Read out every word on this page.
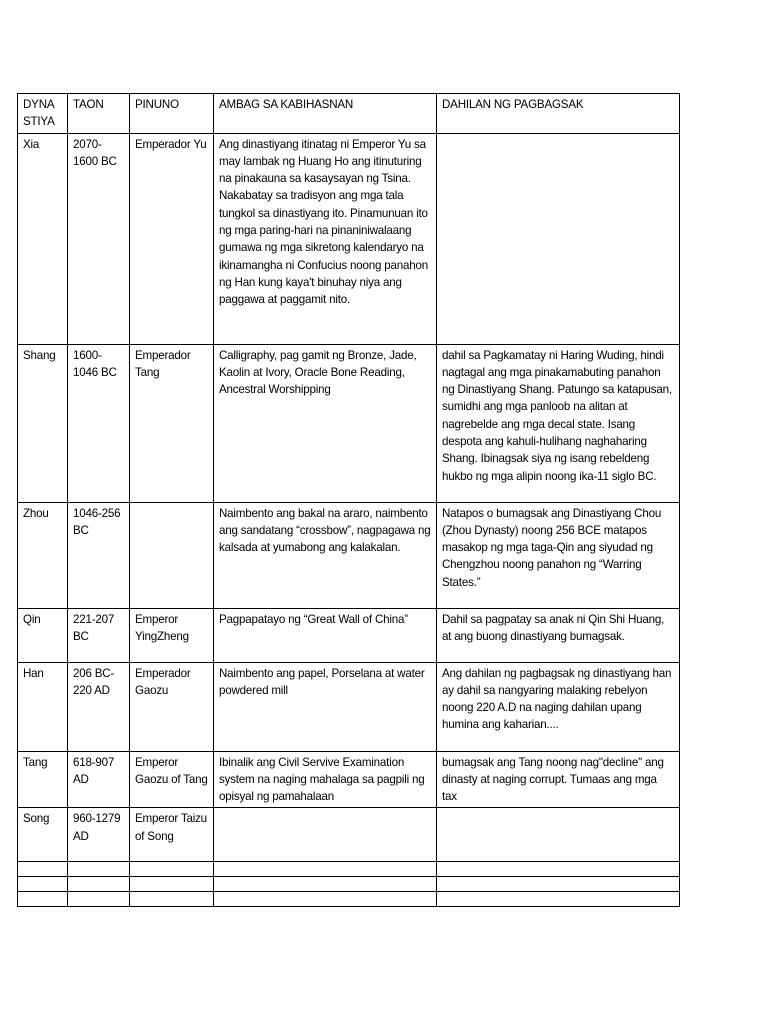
DYNA STIYA	TAON	PINUNO	AMBAG SA KABIHASNAN	DAHILAN NG PAGBAGSAK
Xia	2070-1600 BC	Emperador Yu	Ang dinastiyang itinatag ni Emperor Yu sa may lambak ng Huang Ho ang itinuturing na pinakauna sa kasaysayan ng Tsina. Nakabatay sa tradisyon ang mga tala tungkol sa dinastiyang ito. Pinamunuan ito ng mga paring-hari na pinaniniwalaang gumawa ng mga sikretong kalendaryo na ikinamangha ni Confucius noong panahon ng Han kung kaya't binuhay niya ang paggawa at paggamit nito.	
Shang	1600-1046 BC	Emperador Tang	Calligraphy, pag gamit ng Bronze, Jade, Kaolin at Ivory, Oracle Bone Reading, Ancestral Worshipping	dahil sa Pagkamatay ni Haring Wuding, hindi nagtagal ang mga pinakamabuting panahon ng Dinastiyang Shang. Patungo sa katapusan, sumidhi ang mga panloob na alitan at nagrebelde ang mga decal state. Isang despota ang kahuli-hulihang naghaharing Shang. Ibinagsak siya ng isang rebeldeng hukbo ng mga alipin noong ika-11 siglo BC.
Zhou	1046-256 BC		Naimbento ang bakal na araro, naimbento ang sandatang “crossbow”, nagpagawa ng kalsada at yumabong ang kalakalan.	Natapos o bumagsak ang Dinastiyang Chou (Zhou Dynasty) noong 256 BCE matapos masakop ng mga taga-Qin ang siyudad ng Chengzhou noong panahon ng “Warring States.”
Qin	221-207 BC	Emperor YingZheng	Pagpapatayo ng “Great Wall of China”	Dahil sa pagpatay sa anak ni Qin Shi Huang, at ang buong dinastiyang bumagsak.
Han	206 BC-220 AD	Emperador Gaozu	Naimbento ang papel, Porselana at water powdered mill	Ang dahilan ng pagbagsak ng dinastiyang han ay dahil sa nangyaring malaking rebelyon noong 220 A.D na naging dahilan upang humina ang kaharian....
Tang	618-907 AD	Emperor Gaozu of Tang	Ibinalik ang Civil Servive Examination system na naging mahalaga sa pagpili ng opisyal ng pamahalaan	bumagsak ang Tang noong nag"decline" ang dinasty at naging corrupt. Tumaas ang mga tax
Song	960-1279 AD	Emperor Taizu of Song		
